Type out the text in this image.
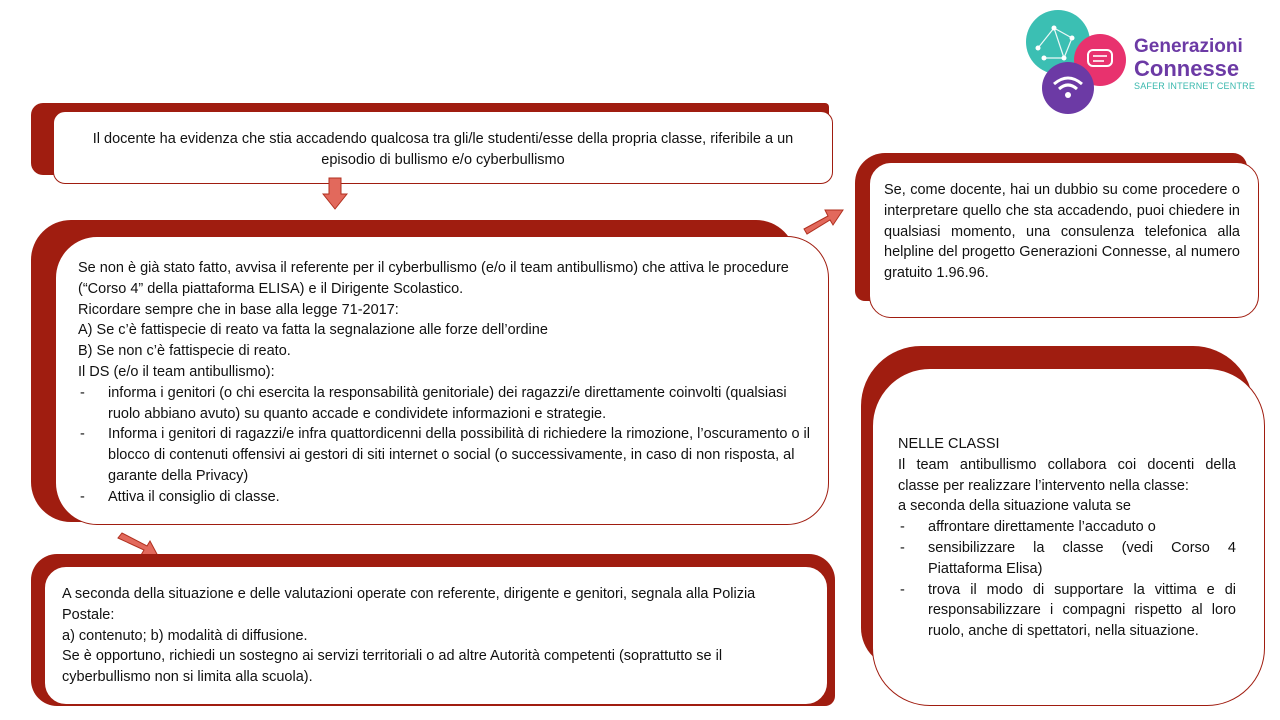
Generazioni
Connesse
SAFER INTERNET CENTRE

Il docente ha evidenza che stia accadendo qualcosa tra gli/le studenti/esse della propria classe, riferibile a un episodio di bullismo e/o cyberbullismo

Se non è già stato fatto, avvisa il referente per il cyberbullismo (e/o il team antibullismo) che attiva le procedure (“Corso 4” della piattaforma ELISA) e il Dirigente Scolastico.

Ricordare sempre che in base alla legge 71-2017:

A) Se c’è fattispecie di reato va fatta la segnalazione alle forze dell’ordine

B) Se non c’è fattispecie di reato.

Il DS (e/o il team antibullismo):

- informa i genitori (o chi esercita la responsabilità genitoriale) dei ragazzi/e direttamente coinvolti (qualsiasi ruolo abbiano avuto) su quanto accade e condividete informazioni e strategie.
- Informa i genitori di ragazzi/e infra quattordicenni della possibilità di richiedere la rimozione, l’oscuramento o il blocco di contenuti offensivi ai gestori di siti internet o social (o successivamente, in caso di non risposta, al garante della Privacy)
- Attiva il consiglio di classe.

A seconda della situazione e delle valutazioni operate con referente, dirigente e genitori, segnala alla Polizia Postale:

a) contenuto; b) modalità di diffusione.

Se è opportuno, richiedi un sostegno ai servizi territoriali o ad altre Autorità competenti (soprattutto se il cyberbullismo non si limita alla scuola).

Se, come docente, hai un dubbio su come procedere o interpretare quello che sta accadendo, puoi chiedere in qualsiasi momento, una consulenza telefonica alla helpline del progetto Generazioni Connesse, al numero gratuito 1.96.96.

NELLE CLASSI

Il team antibullismo collabora coi docenti della classe per realizzare l’intervento nella classe:

a seconda della situazione valuta se

- affrontare direttamente l’accaduto o
- sensibilizzare la classe (vedi Corso 4 Piattaforma Elisa)
- trova il modo di supportare la vittima e di responsabilizzare i compagni rispetto al loro ruolo, anche di spettatori, nella situazione.
